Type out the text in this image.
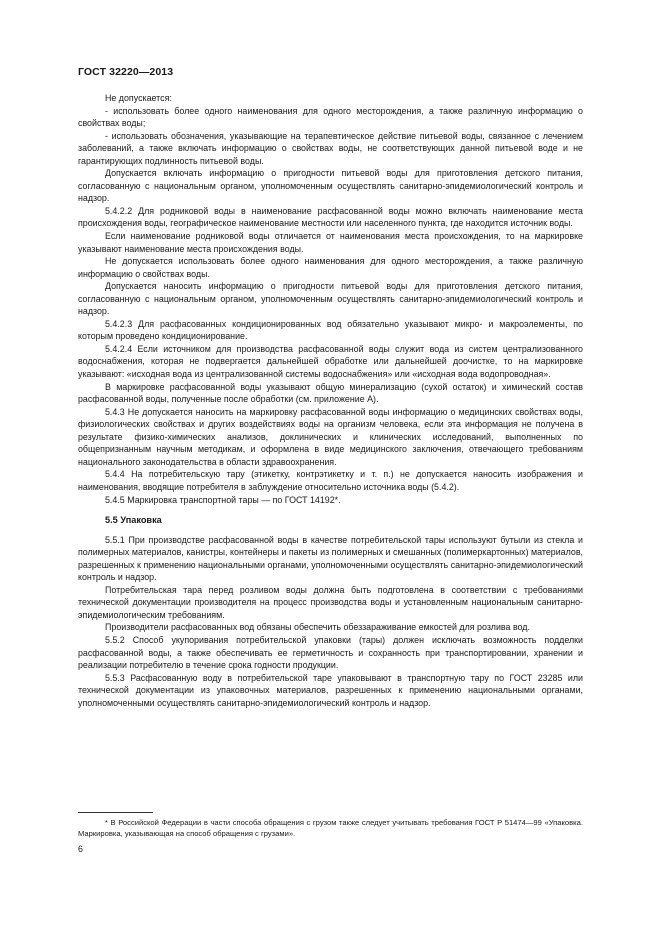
ГОСТ 32220—2013

Не допускается:

- использовать более одного наименования для одного месторождения, а также различную информацию о свойствах воды;

- использовать обозначения, указывающие на терапевтическое действие питьевой воды, связанное с лечением заболеваний, а также включать информацию о свойствах воды, не соответствующих данной питьевой воде и не гарантирующих подлинность питьевой воды.

Допускается включать информацию о пригодности питьевой воды для приготовления детского питания, согласованную с национальным органом, уполномоченным осуществлять санитарно-эпидемиологический контроль и надзор.

5.4.2.2 Для родниковой воды в наименование расфасованной воды можно включать наименование места происхождения воды, географическое наименование местности или населенного пункта, где находится источник воды.

Если наименование родниковой воды отличается от наименования места происхождения, то на маркировке указывают наименование места происхождения воды.

Не допускается использовать более одного наименования для одного месторождения, а также различную информацию о свойствах воды.

Допускается наносить информацию о пригодности питьевой воды для приготовления детского питания, согласованную с национальным органом, уполномоченным осуществлять санитарно-эпидемиологический контроль и надзор.

5.4.2.3 Для расфасованных кондиционированных вод обязательно указывают микро- и макроэлементы, по которым проведено кондиционирование.

5.4.2.4 Если источником для производства расфасованной воды служит вода из систем централизованного водоснабжения, которая не подвергается дальнейшей обработке или дальнейшей доочистке, то на маркировке указывают: «исходная вода из централизованной системы водоснабжения» или «исходная вода водопроводная».

В маркировке расфасованной воды указывают общую минерализацию (сухой остаток) и химический состав расфасованной воды, полученные после обработки (см. приложение А).

5.4.3 Не допускается наносить на маркировку расфасованной воды информацию о медицинских свойствах воды, физиологических свойствах и других воздействиях воды на организм человека, если эта информация не получена в результате физико-химических анализов, доклинических и клинических исследований, выполненных по общепризнанным научным методикам, и оформлена в виде медицинского заключения, отвечающего требованиям национального законодательства в области здравоохранения.

5.4.4 На потребительскую тару (этикетку, контрэтикетку и т. п.) не допускается наносить изображения и наименования, вводящие потребителя в заблуждение относительно источника воды (5.4.2).

5.4.5 Маркировка транспортной тары — по ГОСТ 14192*.

5.5 Упаковка

5.5.1 При производстве расфасованной воды в качестве потребительской тары используют бутыли из стекла и полимерных материалов, канистры, контейнеры и пакеты из полимерных и смешанных (полимеркартонных) материалов, разрешенных к применению национальными органами, уполномоченными осуществлять санитарно-эпидемиологический контроль и надзор.

Потребительская тара перед розливом воды должна быть подготовлена в соответствии с требованиями технической документации производителя на процесс производства воды и установленным национальным санитарно-эпидемиологическим требованиям.

Производители расфасованных вод обязаны обеспечить обеззараживание емкостей для розлива вод.

5.5.2 Способ укупоривания потребительской упаковки (тары) должен исключать возможность подделки расфасованной воды, а также обеспечивать ее герметичность и сохранность при транспортировании, хранении и реализации потребителю в течение срока годности продукции.

5.5.3 Расфасованную воду в потребительской таре упаковывают в транспортную тару по ГОСТ 23285 или технической документации из упаковочных материалов, разрешенных к применению национальными органами, уполномоченными осуществлять санитарно-эпидемиологический контроль и надзор.

* В Российской Федерации в части способа обращения с грузом также следует учитывать требования ГОСТ Р 51474—99 «Упаковка. Маркировка, указывающая на способ обращения с грузами».
6
